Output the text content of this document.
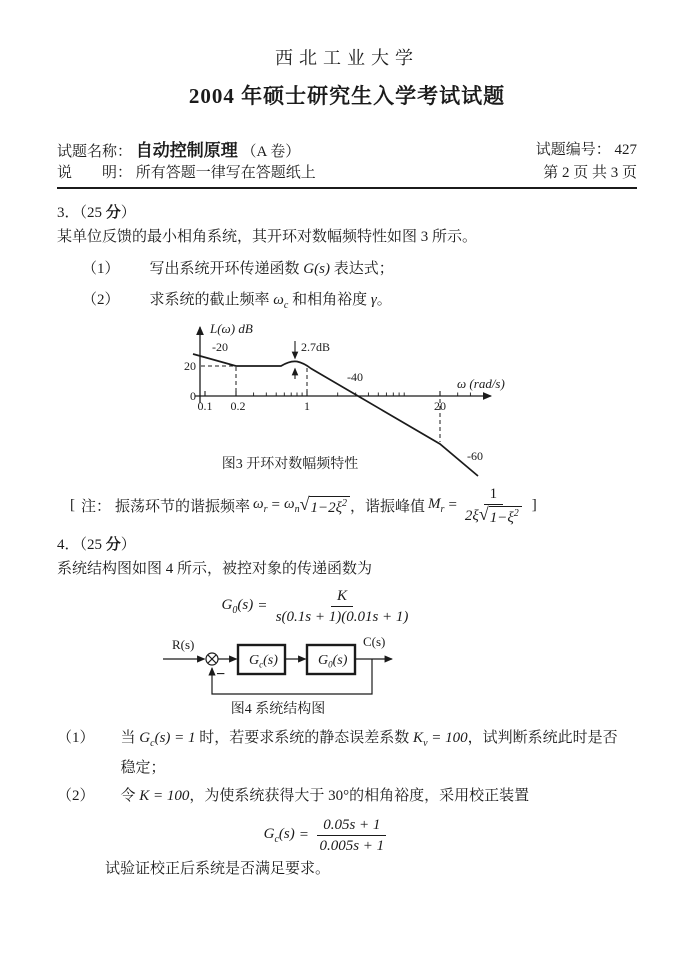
西北工业大学
2004 年硕士研究生入学考试试题
试题名称： 自动控制原理 （A 卷）	试题编号： 427
说　　明： 所有答题一律写在答题纸上	第 2 页 共 3 页
3．（25 分）
某单位反馈的最小相角系统，其开环对数幅频特性如图 3 所示。
（1） 写出系统开环传递函数 G(s) 表达式；
（2） 求系统的截止频率 $\omega_c$ 和相角裕度 γ。
L(ω) dB
ω (rad/s)
2.7dB
-20
-40
-60
20
0
0.1 0.2	1	20
图3 开环对数幅频特性
[ 注： 振荡环节的谐振频率 $\omega_r = \omega_n$ √ $1-2\xi^2$ ，谐振峰值 $M_r = \frac{1}{2\xi √ 1-\xi^2}$ ]
4．（25 分）
系统结构图如图 4 所示，被控对象的传递函数为
$G_0(s) = \frac{K}{s(0.1s + 1)(0.01s + 1)}$
$G_c(s)$	$G_0(s)$
−
R(s)	C(s)
图4 系统结构图
（1） 当 $G_c(s) = 1$ 时，若要求系统的静态误差系数 $K_v = 100$，试判断系统此时是否
稳定；
（2） 令 K = 100，为使系统获得大于 30°的相角裕度，采用校正装置
$G_c(s) = \frac{0.05s + 1}{0.005s + 1}$
试验证校正后系统是否满足要求。
